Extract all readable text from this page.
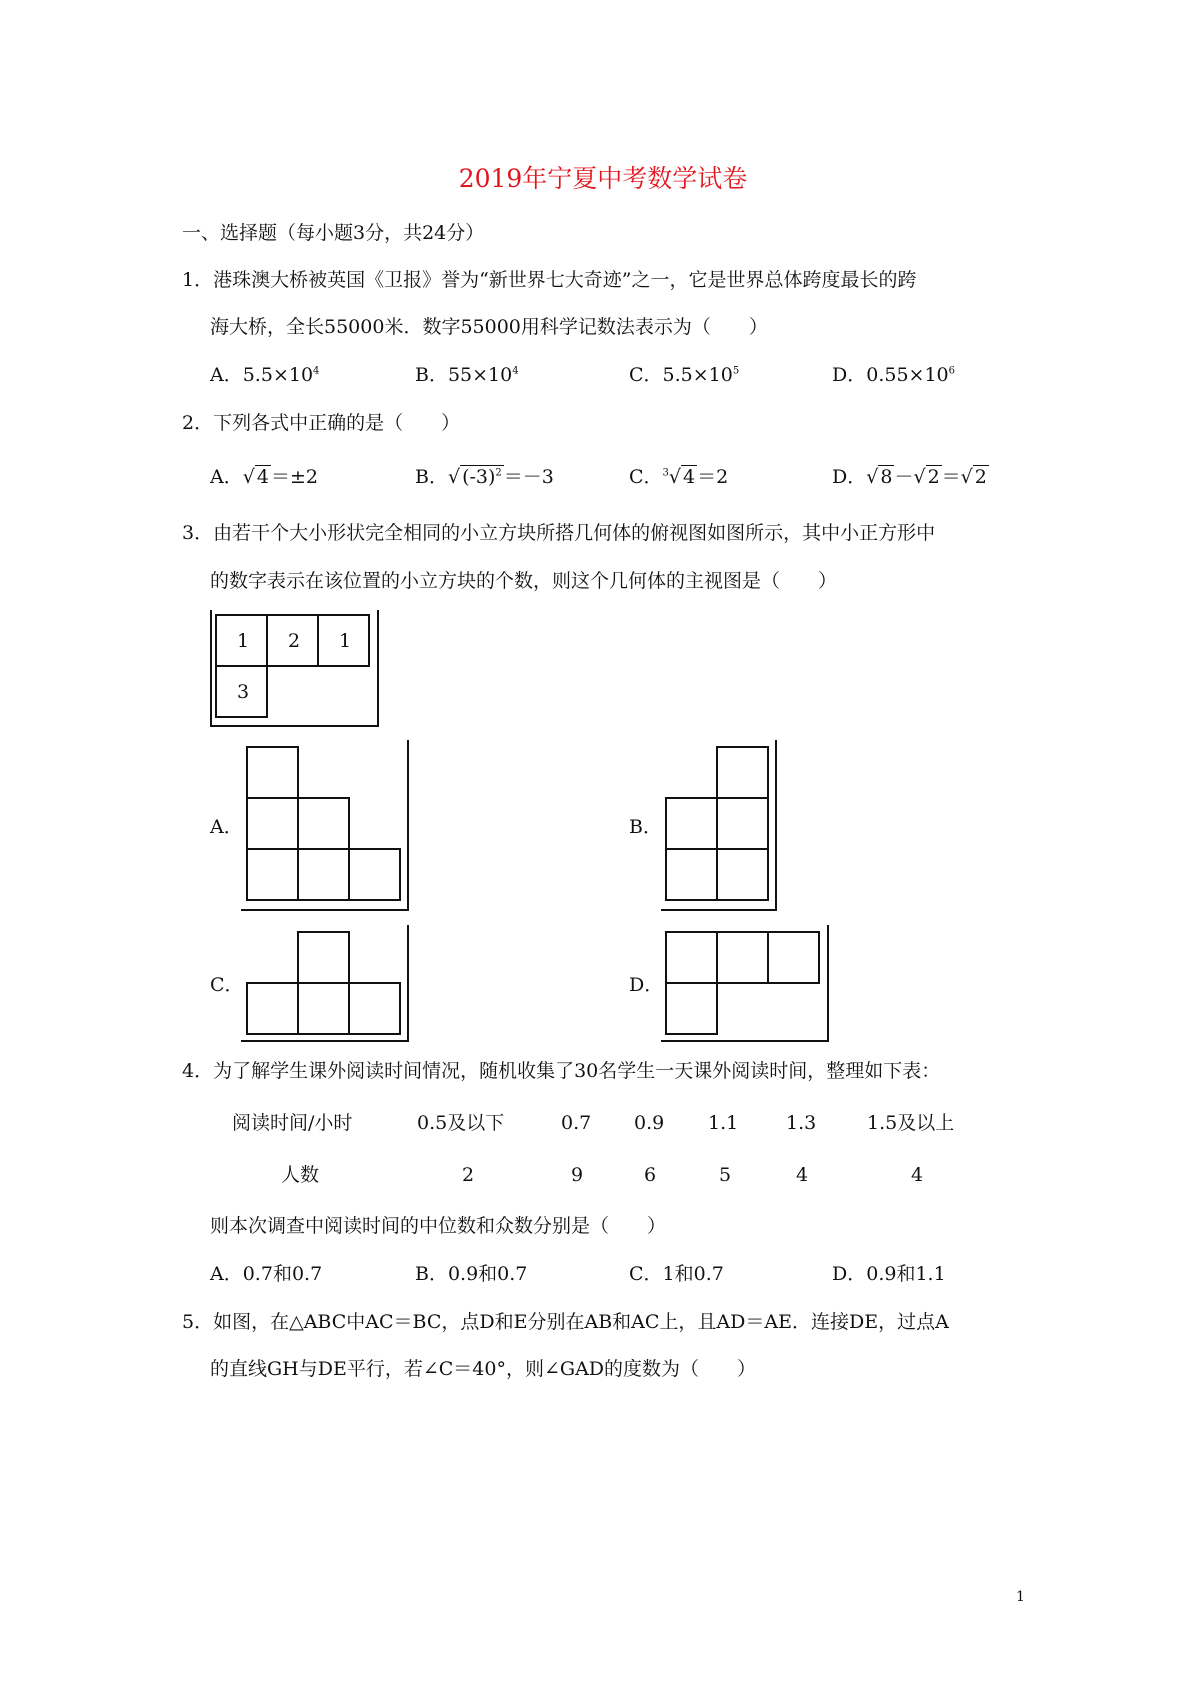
2019年宁夏中考数学试卷
一、选择题（每小题3分，共24分）
1．港珠澳大桥被英国《卫报》誉为“新世界七大奇迹”之一，它是世界总体跨度最长的跨
海大桥，全长55000米．数字55000用科学记数法表示为（　　）
A．$5.5\times 10^4$	B．$55\times 10^4$	C．$5.5\times 10^5$	D．$0.55\times 10^6$
2．下列各式中正确的是（　　）
A．√ 4 ＝±2	B．√ $(-3)^2 =-3$	C．$^3$√ 4 ＝2	D．√ 8 －√ 2 ＝√ 2
3．由若干个大小形状完全相同的小立方块所搭几何体的俯视图如图所示，其中小正方形中
的数字表示在该位置的小立方块的个数，则这个几何体的主视图是（　　）
1 2 1
3
A．	B．
C．	D．
4．为了解学生课外阅读时间情况，随机收集了30名学生一天课外阅读时间，整理如下表：
阅读时间/小时	0.5及以下	0.7 0.9 1.1	1.3	1.5及以上
人数	2	9	6	5	4	4
则本次调查中阅读时间的中位数和众数分别是（　　）
A．0.7和0.7	B．0.9和0.7	C．1和0.7	D．0.9和1.1
5．如图，在△ABC中AC＝BC，点D和E分别在AB和AC上，且AD＝AE．连接DE，过点A
的直线GH与DE平行，若∠C＝40°，则∠GAD的度数为（　　）
1
